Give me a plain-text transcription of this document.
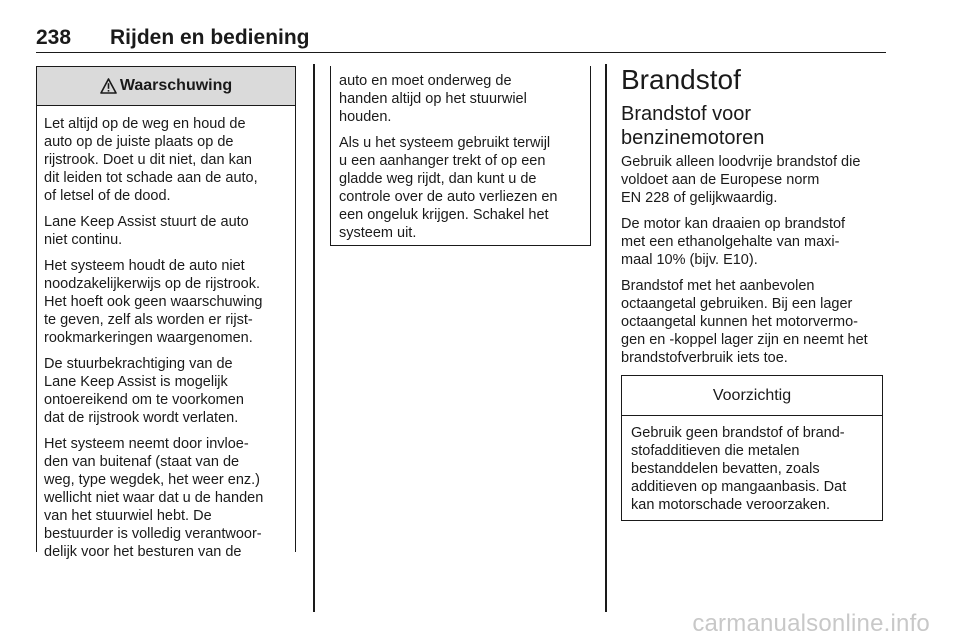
238 Rijden en bediening
Waarschuwing

Let altijd op de weg en houd de
auto op de juiste plaats op de
rijstrook. Doet u dit niet, dan kan
dit leiden tot schade aan de auto,
of letsel of de dood.

Lane Keep Assist stuurt de auto
niet continu.

Het systeem houdt de auto niet
noodzakelijkerwijs op de rijstrook.
Het hoeft ook geen waarschuwing
te geven, zelf als worden er rijst-
rookmarkeringen waargenomen.

De stuurbekrachtiging van de
Lane Keep Assist is mogelijk
ontoereikend om te voorkomen
dat de rijstrook wordt verlaten.

Het systeem neemt door invloe-
den van buitenaf (staat van de
weg, type wegdek, het weer enz.)
wellicht niet waar dat u de handen
van het stuurwiel hebt. De
bestuurder is volledig verantwoor-
delijk voor het besturen van de

auto en moet onderweg de
handen altijd op het stuurwiel
houden.

Als u het systeem gebruikt terwijl
u een aanhanger trekt of op een
gladde weg rijdt, dan kunt u de
controle over de auto verliezen en
een ongeluk krijgen. Schakel het
systeem uit.

Brandstof
Brandstof voor
benzinemotoren

Gebruik alleen loodvrije brandstof die
voldoet aan de Europese norm
EN 228 of gelijkwaardig.

De motor kan draaien op brandstof
met een ethanolgehalte van maxi-
maal 10% (bijv. E10).

Brandstof met het aanbevolen
octaangetal gebruiken. Bij een lager
octaangetal kunnen het motorvermo-
gen en -koppel lager zijn en neemt het
brandstofverbruik iets toe.

Voorzichtig
Gebruik geen brandstof of brand-
stofadditieven die metalen
bestanddelen bevatten, zoals
additieven op mangaanbasis. Dat
kan motorschade veroorzaken.
carmanualsonline.info
